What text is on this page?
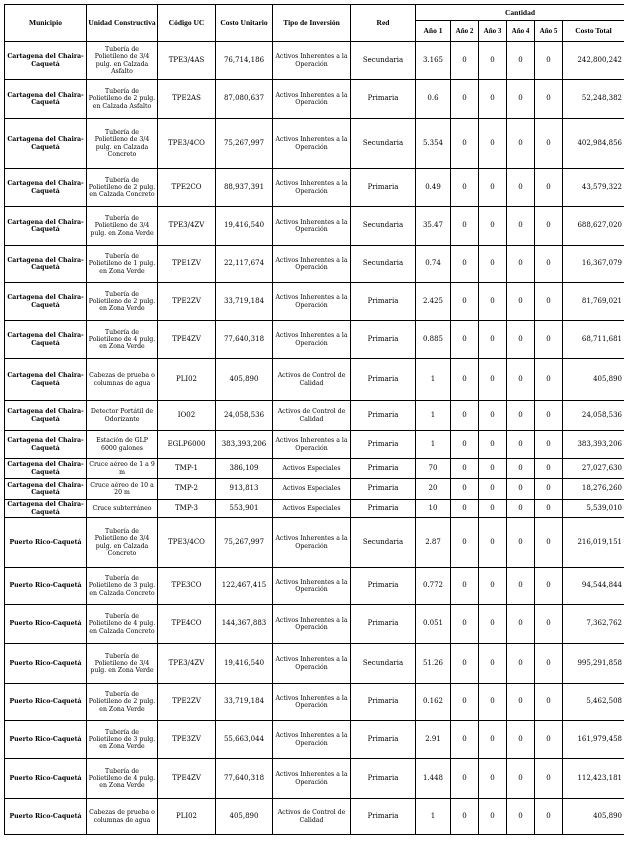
Municipio	Unidad Constructiva	Código UC	Costo Unitario	Tipo de Inversión	Red	Cantidad					
						Año 1	Año 2	Año 3	Año 4	Año 5	Costo Total
Cartagena del Chaira-Caquetá	Tubería de Polietileno de 3/4 pulg. en Calzada Asfalto	TPE3/4AS	76,714,186	Activos Inherentes a la Operación	Secundaria	3.165	0	0	0	0	242,800,242
Cartagena del Chaira-Caquetá	Tubería de Polietileno de 2 pulg. en Calzada Asfalto	TPE2AS	87,080,637	Activos Inherentes a la Operación	Primaria	0.6	0	0	0	0	52,248,382
Cartagena del Chaira-Caquetá	Tubería de Polietileno de 3/4 pulg. en Calzada Concreto	TPE3/4CO	75,267,997	Activos Inherentes a la Operación	Secundaria	5.354	0	0	0	0	402,984,856
Cartagena del Chaira-Caquetá	Tubería de Polietileno de 2 pulg. en Calzada Concreto	TPE2CO	88,937,391	Activos Inherentes a la Operación	Primaria	0.49	0	0	0	0	43,579,322
Cartagena del Chaira-Caquetá	Tubería de Polietileno de 3/4 pulg. en Zona Verde	TPE3/4ZV	19,416,540	Activos Inherentes a la Operación	Secundaria	35.47	0	0	0	0	688,627,020
Cartagena del Chaira-Caquetá	Tubería de Polietileno de 1 pulg. en Zona Verde	TPE1ZV	22,117,674	Activos Inherentes a la Operación	Secundaria	0.74	0	0	0	0	16,367,079
Cartagena del Chaira-Caquetá	Tubería de Polietileno de 2 pulg. en Zona Verde	TPE2ZV	33,719,184	Activos Inherentes a la Operación	Primaria	2.425	0	0	0	0	81,769,021
Cartagena del Chaira-Caquetá	Tubería de Polietileno de 4 pulg. en Zona Verde	TPE4ZV	77,640,318	Activos Inherentes a la Operación	Primaria	0.885	0	0	0	0	68,711,681
Cartagena del Chaira-Caquetá	Cabezas de prueba o columnas de agua	PLI02	405,890	Activos de Control de Calidad	Primaria	1	0	0	0	0	405,890
Cartagena del Chaira-Caquetá	Detector Portátil de Odorizante	IO02	24,058,536	Activos de Control de Calidad	Primaria	1	0	0	0	0	24,058,536
Cartagena del Chaira-Caquetá	Estación de GLP 6000 galones	EGLP6000	383,393,206	Activos Inherentes a la Operación	Primaria	1	0	0	0	0	383,393,206
Cartagena del Chaira-Caquetá	Cruce aéreo de 1 a 9 m	TMP-1	386,109	Activos Especiales	Primaria	70	0	0	0	0	27,027,630
Cartagena del Chaira-Caquetá	Cruce aéreo de 10 a 20 m	TMP-2	913,813	Activos Especiales	Primaria	20	0	0	0	0	18,276,260
Cartagena del Chaira-Caquetá	Cruce subterráneo	TMP-3	553,901	Activos Especiales	Primaria	10	0	0	0	0	5,539,010
Puerto Rico-Caquetá	Tubería de Polietileno de 3/4 pulg. en Calzada Concreto	TPE3/4CO	75,267,997	Activos Inherentes a la Operación	Secundaria	2.87	0	0	0	0	216,019,151
Puerto Rico-Caquetá	Tubería de Polietileno de 3 pulg. en Calzada Concreto	TPE3CO	122,467,415	Activos Inherentes a la Operación	Primaria	0.772	0	0	0	0	94,544,844
Puerto Rico-Caquetá	Tubería de Polietileno de 4 pulg. en Calzada Concreto	TPE4CO	144,367,883	Activos Inherentes a la Operación	Primaria	0.051	0	0	0	0	7,362,762
Puerto Rico-Caquetá	Tubería de Polietileno de 3/4 pulg. en Zona Verde	TPE3/4ZV	19,416,540	Activos Inherentes a la Operación	Secundaria	51.26	0	0	0	0	995,291,858
Puerto Rico-Caquetá	Tubería de Polietileno de 2 pulg. en Zona Verde	TPE2ZV	33,719,184	Activos Inherentes a la Operación	Primaria	0.162	0	0	0	0	5,462,508
Puerto Rico-Caquetá	Tubería de Polietileno de 3 pulg. en Zona Verde	TPE3ZV	55,663,044	Activos Inherentes a la Operación	Primaria	2.91	0	0	0	0	161,979,458
Puerto Rico-Caquetá	Tubería de Polietileno de 4 pulg. en Zona Verde	TPE4ZV	77,640,318	Activos Inherentes a la Operación	Primaria	1.448	0	0	0	0	112,423,181
Puerto Rico-Caquetá	Cabezas de prueba o columnas de agua	PLI02	405,890	Activos de Control de Calidad	Primaria	1	0	0	0	0	405,890
